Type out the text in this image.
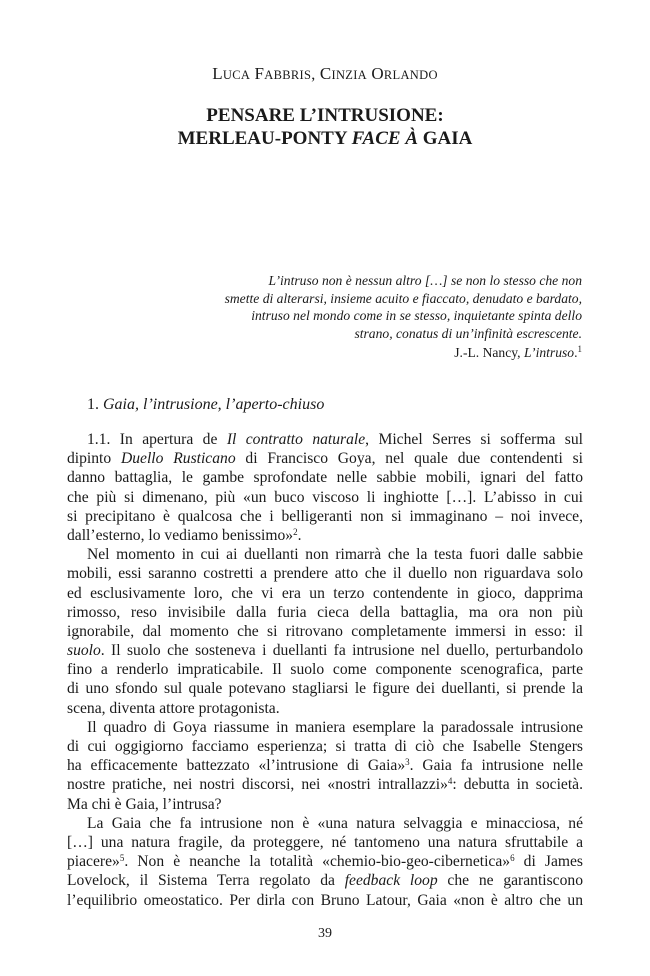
LUCA FABBRIS, CINZIA ORLANDO
PENSARE L’INTRUSIONE:
MERLEAU-PONTY FACE À GAIA
L’intruso non è nessun altro […] se non lo stesso che non
smette di alterarsi, insieme acuito e fiaccato, denudato e bardato,
intruso nel mondo come in se stesso, inquietante spinta dello
strano, conatus di un’infinità escrescente.
J.-L. Nancy, L’intruso.$^1$
1. Gaia, l’intrusione, l’aperto-chiuso
1.1. In apertura de Il contratto naturale, Michel Serres si sofferma sul
dipinto Duello Rusticano di Francisco Goya, nel quale due contendenti si
danno battaglia, le gambe sprofondate nelle sabbie mobili, ignari del fatto
che più si dimenano, più «un buco viscoso li inghiotte […]. L’abisso in cui
si precipitano è qualcosa che i belligeranti non si immaginano – noi invece,
dall’esterno, lo vediamo benissimo»$^2$.
Nel momento in cui ai duellanti non rimarrà che la testa fuori dalle sabbie
mobili, essi saranno costretti a prendere atto che il duello non riguardava solo
ed esclusivamente loro, che vi era un terzo contendente in gioco, dapprima
rimosso, reso invisibile dalla furia cieca della battaglia, ma ora non più
ignorabile, dal momento che si ritrovano completamente immersi in esso: il
suolo. Il suolo che sosteneva i duellanti fa intrusione nel duello, perturbandolo
fino a renderlo impraticabile. Il suolo come componente scenografica, parte
di uno sfondo sul quale potevano stagliarsi le figure dei duellanti, si prende la
scena, diventa attore protagonista.
Il quadro di Goya riassume in maniera esemplare la paradossale intrusione
di cui oggigiorno facciamo esperienza; si tratta di ciò che Isabelle Stengers
ha efficacemente battezzato «l’intrusione di Gaia»$^3$. Gaia fa intrusione nelle
nostre pratiche, nei nostri discorsi, nei «nostri intrallazzi»$^4$: debutta in società.
Ma chi è Gaia, l’intrusa?
La Gaia che fa intrusione non è «una natura selvaggia e minacciosa, né
[…] una natura fragile, da proteggere, né tantomeno una natura sfruttabile a
piacere»$^5$. Non è neanche la totalità «chemio-bio-geo-cibernetica»$^6$ di James
Lovelock, il Sistema Terra regolato da feedback loop che ne garantiscono
l’equilibrio omeostatico. Per dirla con Bruno Latour, Gaia «non è altro che un
39
